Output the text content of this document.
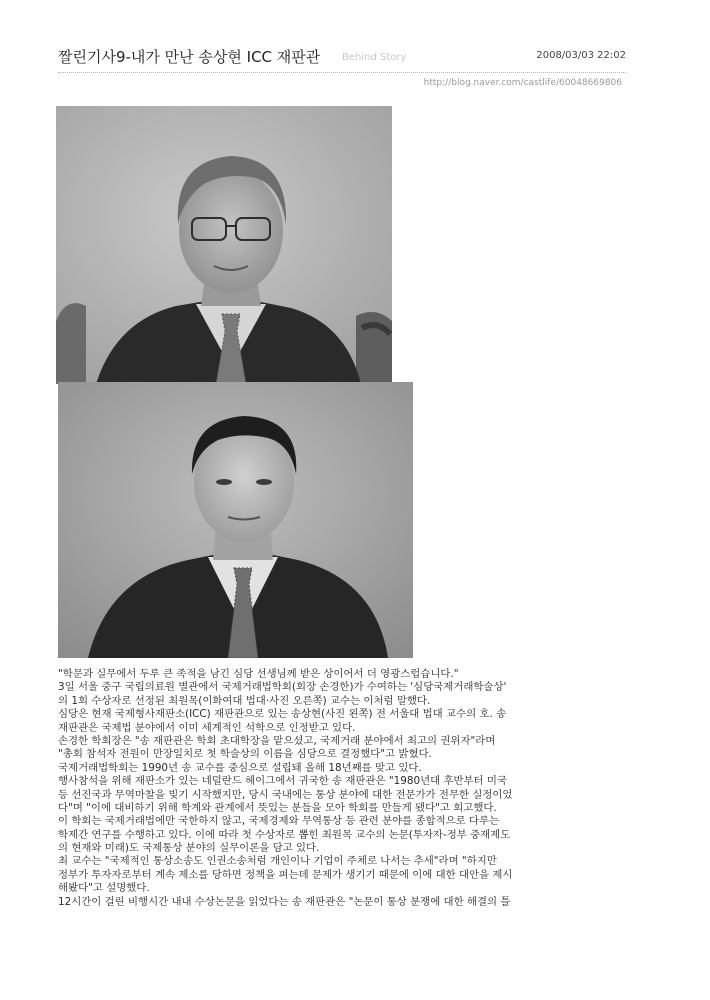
짤린기사9-내가 만난 송상현 ICC 재판관 Behind Story	2008/03/03 22:02
http://blog.naver.com/castlife/60048669806
"학문과 실무에서 두루 큰 족적을 남긴 심당 선생님께 받은 상이어서 더 영광스럽습니다."
3일 서울 중구 국립의료원 별관에서 국제거래법학회(회장 손경한)가 수여하는 '심당국제거래학술상'
의 1회 수상자로 선정된 최원목(이화여대 법대·사진 오른쪽) 교수는 이처럼 말했다.
심당은 현재 국제형사재판소(ICC) 재판관으로 있는 송상현(사진 왼쪽) 전 서울대 법대 교수의 호. 송
재판관은 국제법 분야에서 이미 세계적인 석학으로 인정받고 있다.
손경한 학회장은 "송 재판관은 학회 초대학장을 맡으셨고, 국제거래 분야에서 최고의 권위자"라며
"총회 참석자 전원이 만장일치로 첫 학술상의 이름을 심당으로 결정했다"고 밝혔다.
국제거래법학회는 1990년 송 교수를 중심으로 설립돼 올해 18년째를 맞고 있다.
행사참석을 위해 재판소가 있는 네덜란드 헤이그에서 귀국한 송 재판관은 "1980년대 후반부터 미국
등 선진국과 무역마찰을 빚기 시작했지만, 당시 국내에는 통상 분야에 대한 전문가가 전무한 실정이었
다"며 "이에 대비하기 위해 학계와 관계에서 뜻있는 분들을 모아 학회를 만들게 됐다"고 회고했다.
이 학회는 국제거래법에만 국한하지 않고, 국제경제와 무역통상 등 관련 분야를 종합적으로 다루는
학제간 연구를 수행하고 있다. 이에 따라 첫 수상자로 뽑힌 최원목 교수의 논문(투자자-정부 중재제도
의 현재와 미래)도 국제통상 분야의 실무이론을 담고 있다.
최 교수는 "국제적인 통상소송도 인권소송처럼 개인이나 기업이 주체로 나서는 추세"라며 "하지만
정부가 투자자로부터 계속 제소를 당하면 정책을 펴는데 문제가 생기기 때문에 이에 대한 대안을 제시
해봤다"고 설명했다.
12시간이 걸린 비행시간 내내 수상논문을 읽었다는 송 재판관은 "논문이 통상 분쟁에 대한 해결의 틀
